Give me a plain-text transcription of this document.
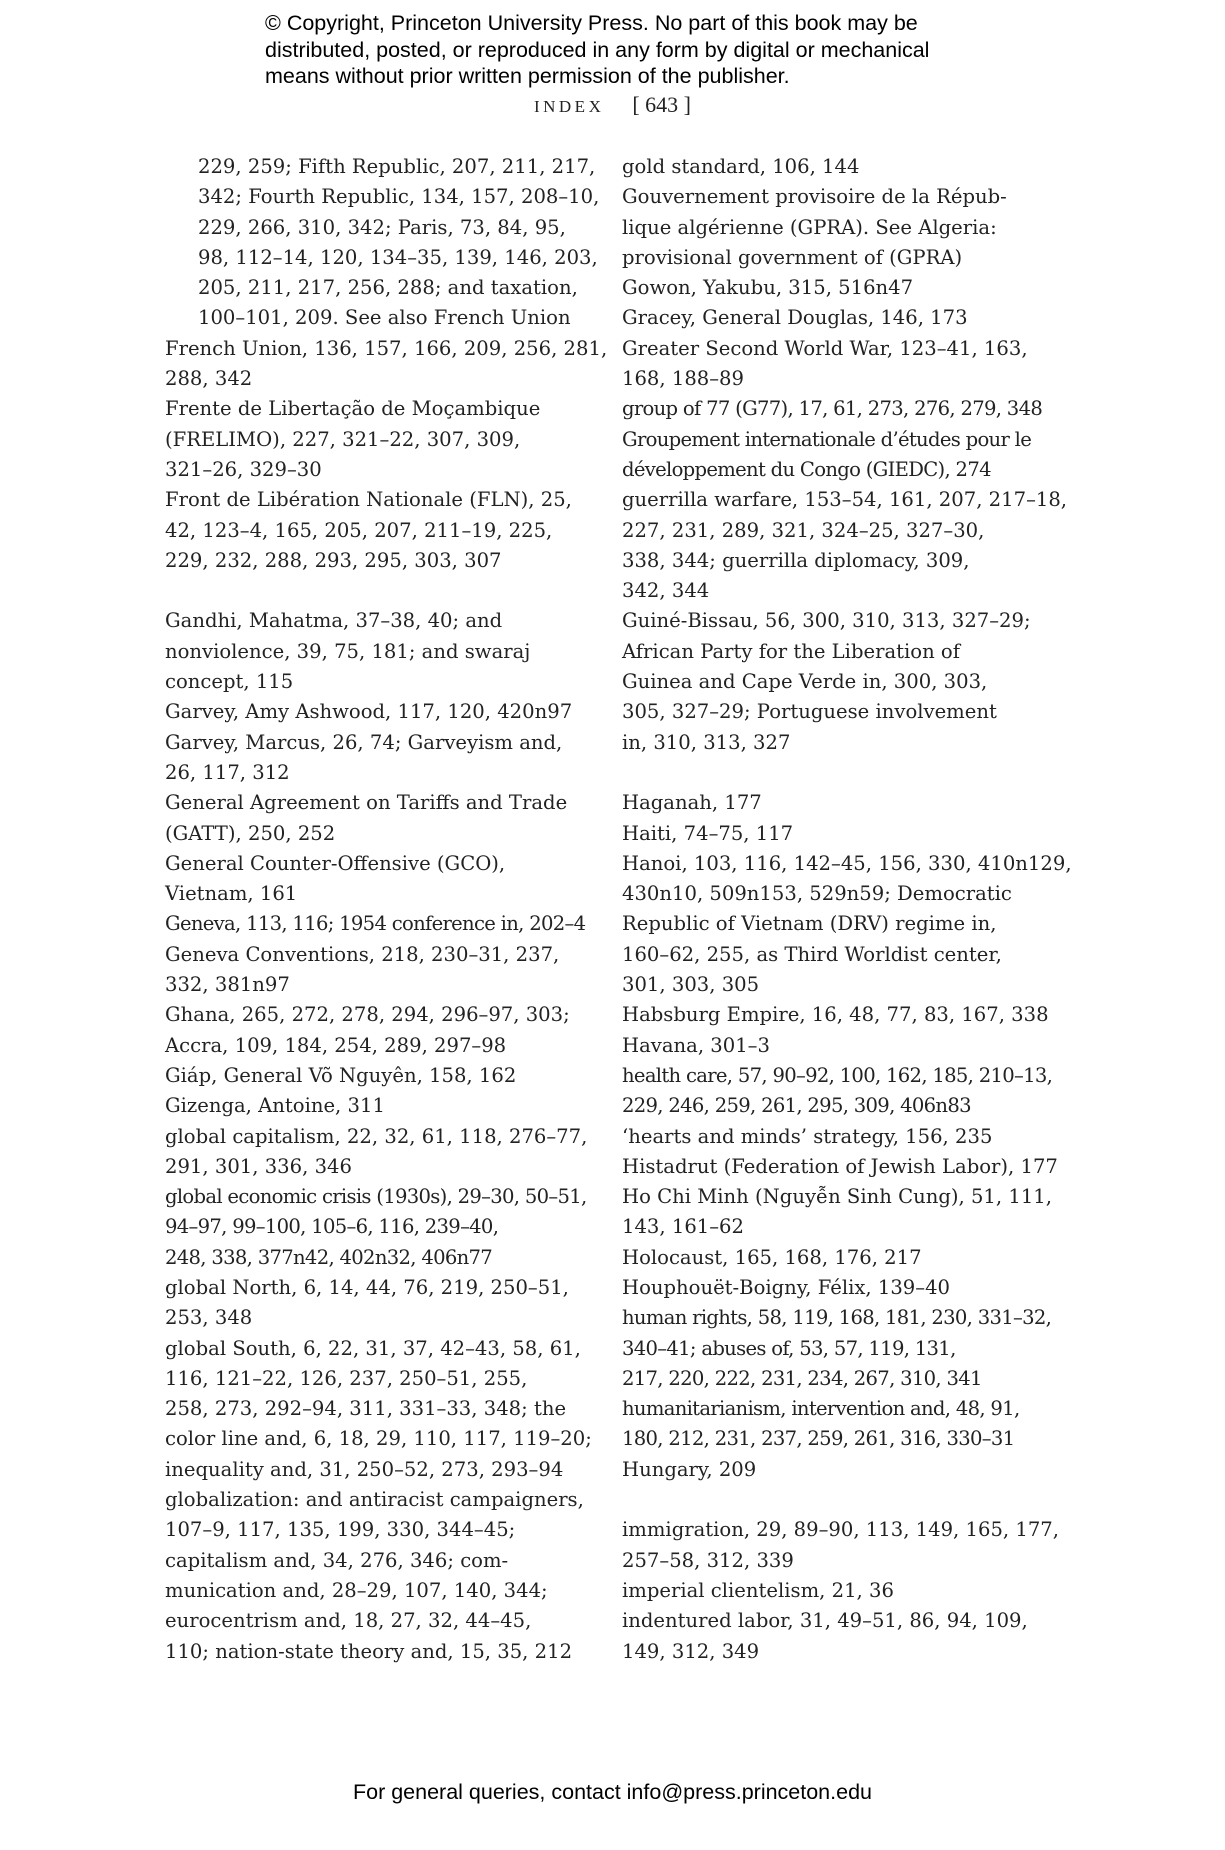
© Copyright, Princeton University Press. No part of this book may be
distributed, posted, or reproduced in any form by digital or mechanical
means without prior written permission of the publisher.
INDEX [ 643 ]
229, 259; Fifth Republic, 207, 211, 217,
342; Fourth Republic, 134, 157, 208–10,
229, 266, 310, 342; Paris, 73, 84, 95,
98, 112–14, 120, 134–35, 139, 146, 203,
205, 211, 217, 256, 288; and taxation,
100–101, 209. See also French Union
French Union, 136, 157, 166, 209, 256, 281,
288, 342
Frente de Libertação de Moçambique
(FRELIMO), 227, 321–22, 307, 309,
321–26, 329–30
Front de Libération Nationale (FLN), 25,
42, 123–4, 165, 205, 207, 211–19, 225,
229, 232, 288, 293, 295, 303, 307
Gandhi, Mahatma, 37–38, 40; and
nonviolence, 39, 75, 181; and swaraj
concept, 115
Garvey, Amy Ashwood, 117, 120, 420n97
Garvey, Marcus, 26, 74; Garveyism and,
26, 117, 312
General Agreement on Tariffs and Trade
(GATT), 250, 252
General Counter-Offensive (GCO),
Vietnam, 161
Geneva, 113, 116; 1954 conference in, 202–4
Geneva Conventions, 218, 230–31, 237,
332, 381n97
Ghana, 265, 272, 278, 294, 296–97, 303;
Accra, 109, 184, 254, 289, 297–98
Giáp, General Võ Nguyên, 158, 162
Gizenga, Antoine, 311
global capitalism, 22, 32, 61, 118, 276–77,
291, 301, 336, 346
global economic crisis (1930s), 29–30, 50–51,
94–97, 99–100, 105–6, 116, 239–40,
248, 338, 377n42, 402n32, 406n77
global North, 6, 14, 44, 76, 219, 250–51,
253, 348
global South, 6, 22, 31, 37, 42–43, 58, 61,
116, 121–22, 126, 237, 250–51, 255,
258, 273, 292–94, 311, 331–33, 348; the
color line and, 6, 18, 29, 110, 117, 119–20;
inequality and, 31, 250–52, 273, 293–94
globalization: and antiracist campaigners,
107–9, 117, 135, 199, 330, 344–45;
capitalism and, 34, 276, 346; com-
munication and, 28–29, 107, 140, 344;
eurocentrism and, 18, 27, 32, 44–45,
110; nation-state theory and, 15, 35, 212
gold standard, 106, 144
Gouvernement provisoire de la Répub-
lique algérienne (GPRA). See Algeria:
provisional government of (GPRA)
Gowon, Yakubu, 315, 516n47
Gracey, General Douglas, 146, 173
Greater Second World War, 123–41, 163,
168, 188–89
group of 77 (G77), 17, 61, 273, 276, 279, 348
Groupement internationale d’études pour le
développement du Congo (GIEDC), 274
guerrilla warfare, 153–54, 161, 207, 217–18,
227, 231, 289, 321, 324–25, 327–30,
338, 344; guerrilla diplomacy, 309,
342, 344
Guiné-Bissau, 56, 300, 310, 313, 327–29;
African Party for the Liberation of
Guinea and Cape Verde in, 300, 303,
305, 327–29; Portuguese involvement
in, 310, 313, 327
Haganah, 177
Haiti, 74–75, 117
Hanoi, 103, 116, 142–45, 156, 330, 410n129,
430n10, 509n153, 529n59; Democratic
Republic of Vietnam (DRV) regime in,
160–62, 255, as Third Worldist center,
301, 303, 305
Habsburg Empire, 16, 48, 77, 83, 167, 338
Havana, 301–3
health care, 57, 90–92, 100, 162, 185, 210–13,
229, 246, 259, 261, 295, 309, 406n83
‘hearts and minds’ strategy, 156, 235
Histadrut (Federation of Jewish Labor), 177
Ho Chi Minh (Nguyễn Sinh Cung), 51, 111,
143, 161–62
Holocaust, 165, 168, 176, 217
Houphouët-Boigny, Félix, 139–40
human rights, 58, 119, 168, 181, 230, 331–32,
340–41; abuses of, 53, 57, 119, 131,
217, 220, 222, 231, 234, 267, 310, 341
humanitarianism, intervention and, 48, 91,
180, 212, 231, 237, 259, 261, 316, 330–31
Hungary, 209
immigration, 29, 89–90, 113, 149, 165, 177,
257–58, 312, 339
imperial clientelism, 21, 36
indentured labor, 31, 49–51, 86, 94, 109,
149, 312, 349
For general queries, contact info@press.princeton.edu
